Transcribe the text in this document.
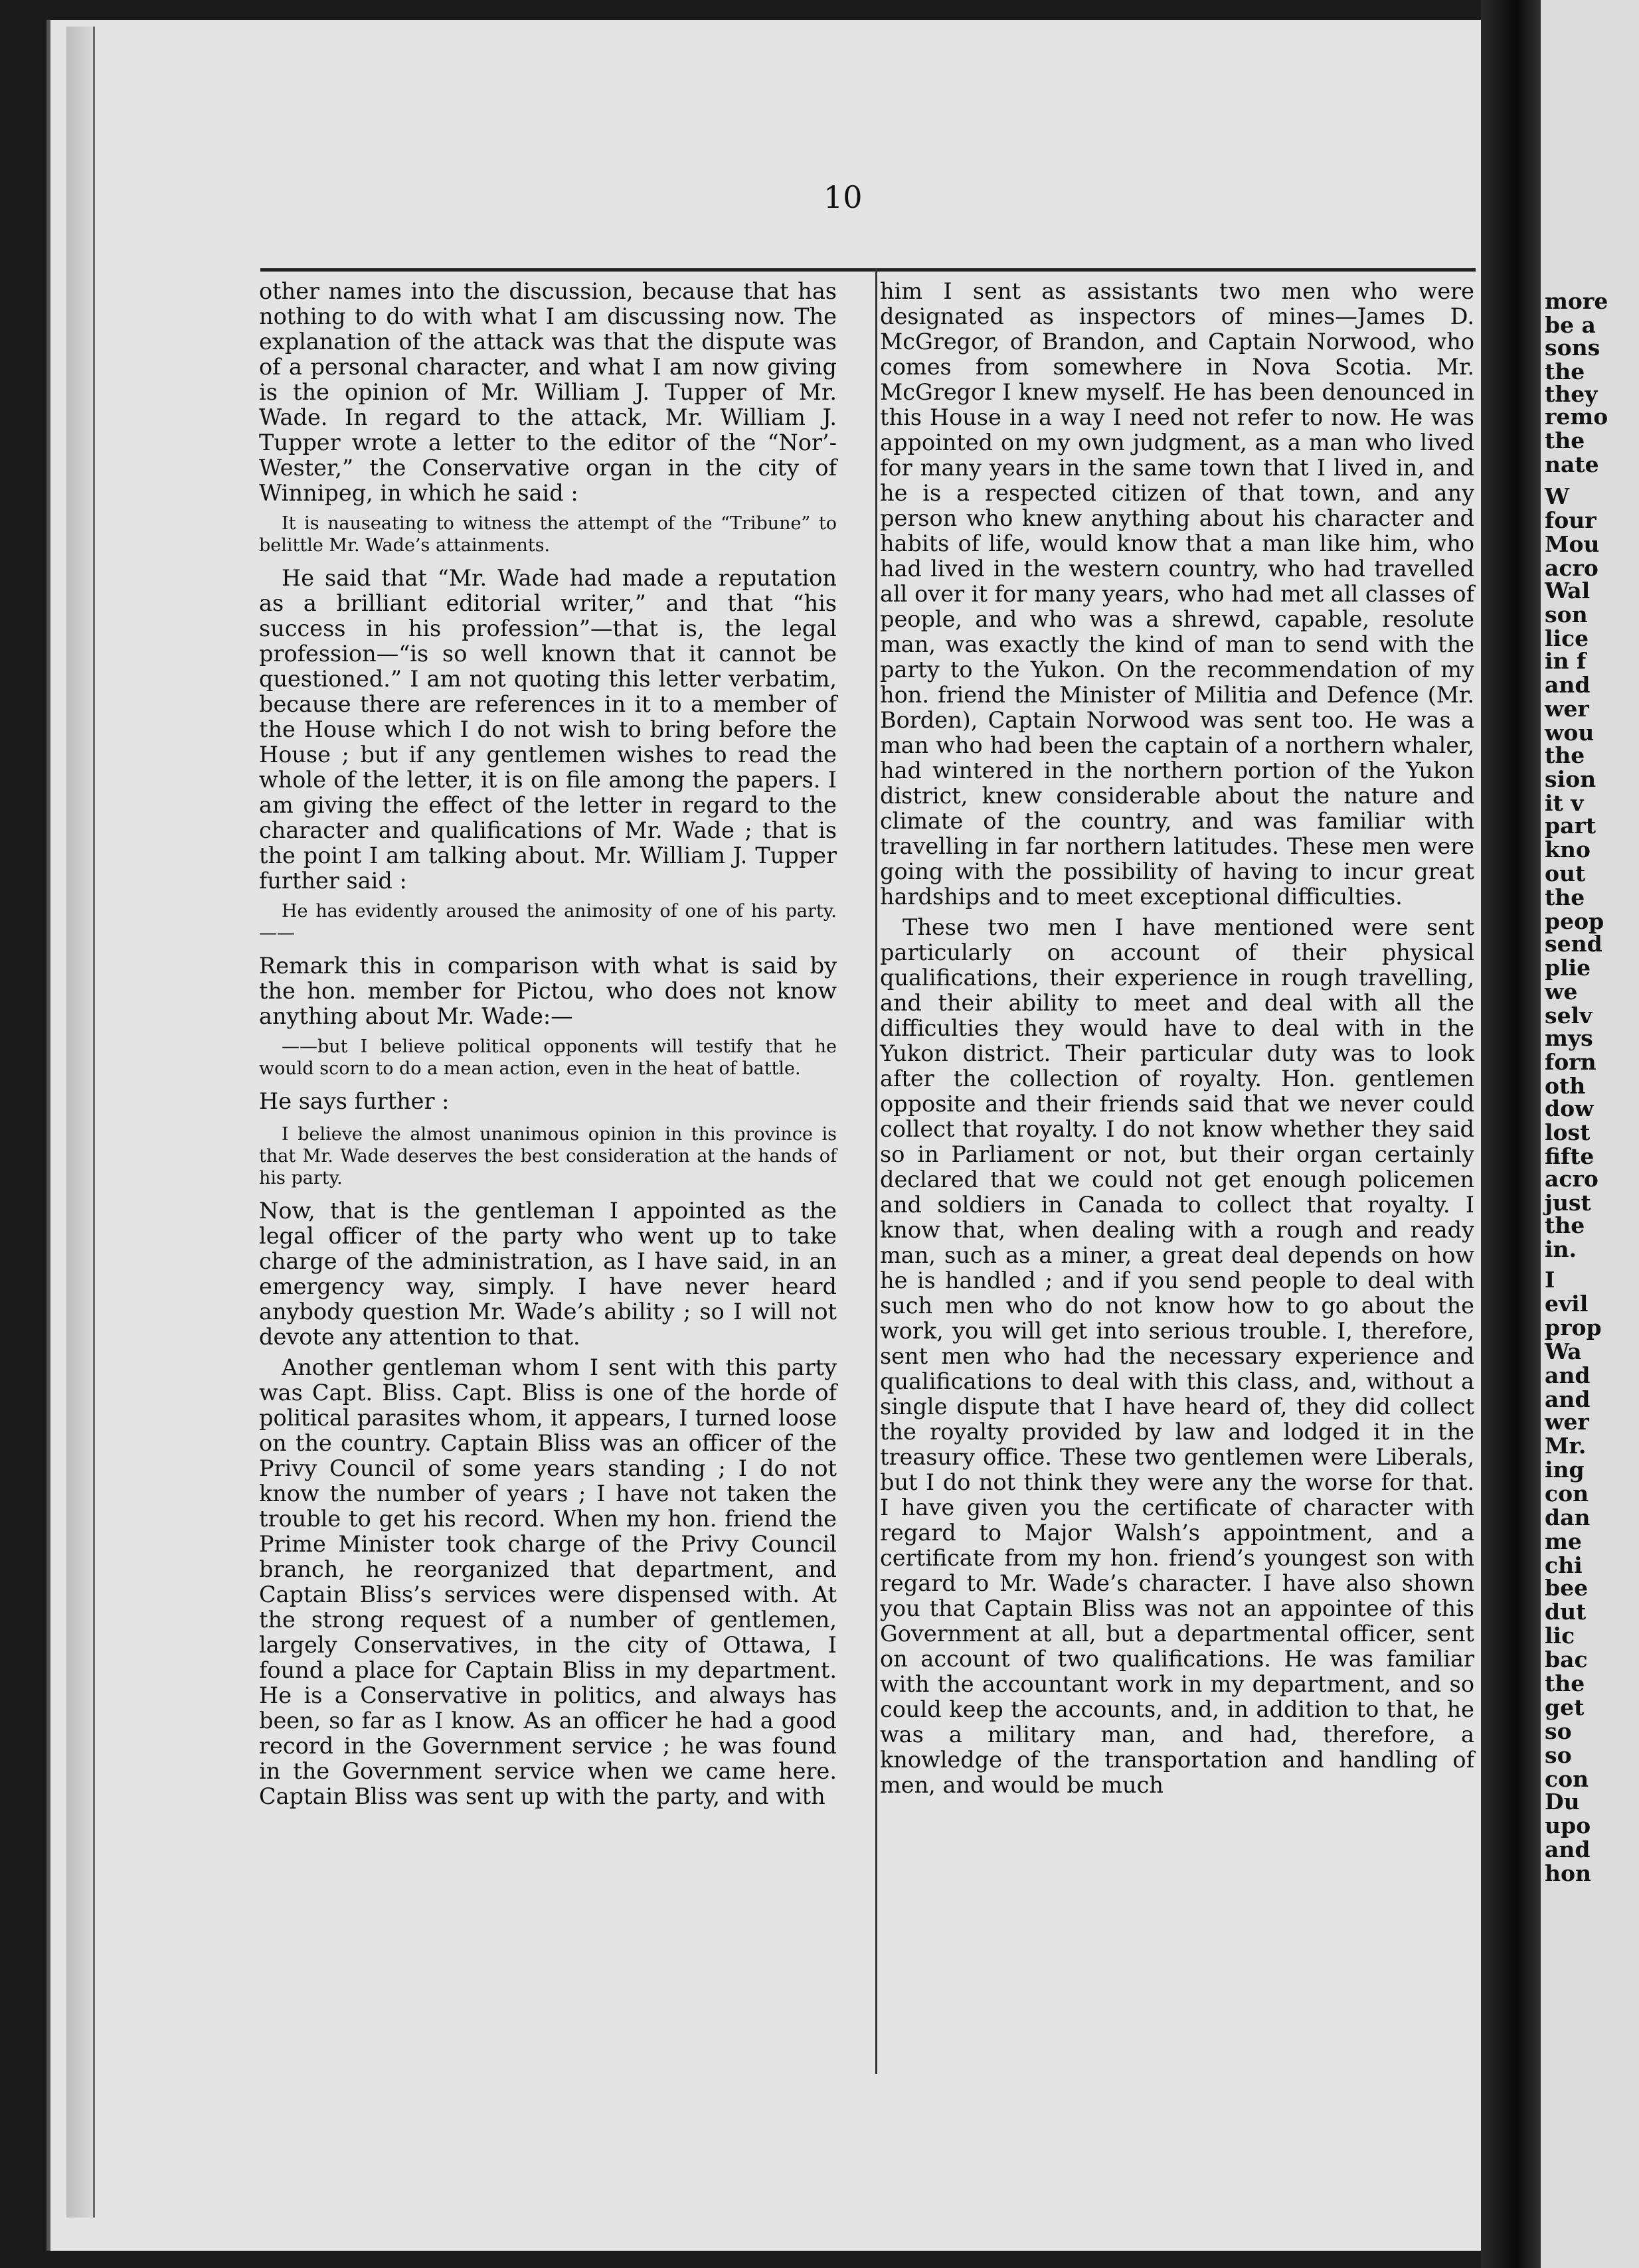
more
be a
sons
the
they
remo
the
nate
W
four
Mou
acro
Wal
son
lice
in f
and
wer
wou
the
sion
it v
part
kno
out
the
peop
send
plie
we
selv
mys
forn
oth
dow
lost
fifte
acro
just
the
in.
I
evil
prop
Wa
and
and
wer
Mr.
ing
con
dan
me
chi
bee
dut
lic
bac
the
get
so
so
con
Du
upo
and
hon
10

other names into the discussion, because that has nothing to do with what I am discussing now. The explanation of the attack was that the dispute was of a personal character, and what I am now giving is the opinion of Mr. William J. Tupper of Mr. Wade. In regard to the attack, Mr. William J. Tupper wrote a letter to the editor of the “Nor’-Wester,” the Conservative organ in the city of Winnipeg, in which he said :

It is nauseating to witness the attempt of the “Tribune” to belittle Mr. Wade’s attainments.

He said that “Mr. Wade had made a reputation as a brilliant editorial writer,” and that “his success in his profession”—that is, the legal profession—“is so well known that it cannot be questioned.” I am not quoting this letter verbatim, because there are references in it to a member of the House which I do not wish to bring before the House ; but if any gentlemen wishes to read the whole of the letter, it is on file among the papers. I am giving the effect of the letter in regard to the character and qualifications of Mr. Wade ; that is the point I am talking about. Mr. William J. Tupper further said :

He has evidently aroused the animosity of one of his party.——

Remark this in comparison with what is said by the hon. member for Pictou, who does not know anything about Mr. Wade:—

——but I believe political opponents will testify that he would scorn to do a mean action, even in the heat of battle.

He says further :

I believe the almost unanimous opinion in this province is that Mr. Wade deserves the best consideration at the hands of his party.

Now, that is the gentleman I appointed as the legal officer of the party who went up to take charge of the administration, as I have said, in an emergency way, simply. I have never heard anybody question Mr. Wade’s ability ; so I will not devote any attention to that.

Another gentleman whom I sent with this party was Capt. Bliss. Capt. Bliss is one of the horde of political parasites whom, it appears, I turned loose on the country. Captain Bliss was an officer of the Privy Council of some years standing ; I do not know the number of years ; I have not taken the trouble to get his record. When my hon. friend the Prime Minister took charge of the Privy Council branch, he reorganized that department, and Captain Bliss’s services were dispensed with. At the strong request of a number of gentlemen, largely Conservatives, in the city of Ottawa, I found a place for Captain Bliss in my department. He is a Conservative in politics, and always has been, so far as I know. As an officer he had a good record in the Government service ; he was found in the Government service when we came here. Captain Bliss was sent up with the party, and with

him I sent as assistants two men who were designated as inspectors of mines—James D. McGregor, of Brandon, and Captain Norwood, who comes from somewhere in Nova Scotia. Mr. McGregor I knew myself. He has been denounced in this House in a way I need not refer to now. He was appointed on my own judgment, as a man who lived for many years in the same town that I lived in, and he is a respected citizen of that town, and any person who knew anything about his character and habits of life, would know that a man like him, who had lived in the western country, who had travelled all over it for many years, who had met all classes of people, and who was a shrewd, capable, resolute man, was exactly the kind of man to send with the party to the Yukon. On the recommendation of my hon. friend the Minister of Militia and Defence (Mr. Borden), Captain Norwood was sent too. He was a man who had been the captain of a northern whaler, had wintered in the northern portion of the Yukon district, knew considerable about the nature and climate of the country, and was familiar with travelling in far northern latitudes. These men were going with the possibility of having to incur great hardships and to meet exceptional difficulties.

These two men I have mentioned were sent particularly on account of their physical qualifications, their experience in rough travelling, and their ability to meet and deal with all the difficulties they would have to deal with in the Yukon district. Their particular duty was to look after the collection of royalty. Hon. gentlemen opposite and their friends said that we never could collect that royalty. I do not know whether they said so in Parliament or not, but their organ certainly declared that we could not get enough policemen and soldiers in Canada to collect that royalty. I know that, when dealing with a rough and ready man, such as a miner, a great deal depends on how he is handled ; and if you send people to deal with such men who do not know how to go about the work, you will get into serious trouble. I, therefore, sent men who had the necessary experience and qualifications to deal with this class, and, without a single dispute that I have heard of, they did collect the royalty provided by law and lodged it in the treasury office. These two gentlemen were Liberals, but I do not think they were any the worse for that. I have given you the certificate of character with regard to Major Walsh’s appointment, and a certificate from my hon. friend’s youngest son with regard to Mr. Wade’s character. I have also shown you that Captain Bliss was not an appointee of this Government at all, but a departmental officer, sent on account of two qualifications. He was familiar with the accountant work in my department, and so could keep the accounts, and, in addition to that, he was a military man, and had, therefore, a knowledge of the transportation and handling of men, and would be much
